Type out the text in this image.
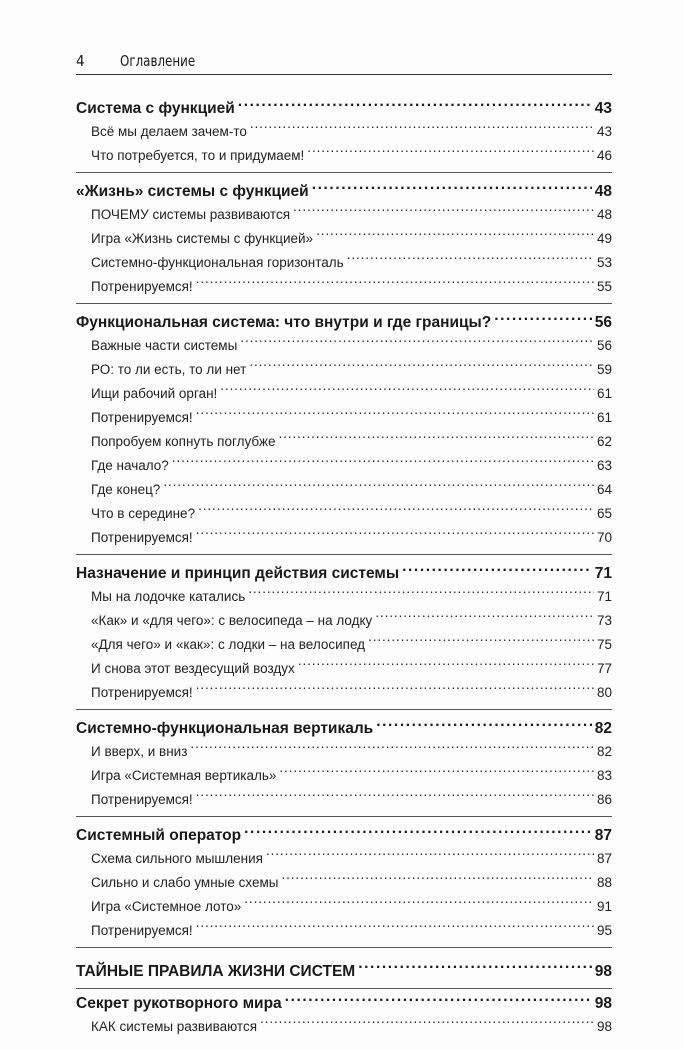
4 Оглавление
Система с функцией .....	43
Всё мы делаем зачем-то .....	43
Что потребуется, то и придумаем! .....	46
«Жизнь» системы с функцией .....	48
ПОЧЕМУ системы развиваются .....	48
Игра «Жизнь системы с функцией» .....	49
Системно-функциональная горизонталь .....	53
Потренируемся! .....	55
Функциональная система: что внутри и где границы? .....	56
Важные части системы .....	56
РО: то ли есть, то ли нет .....	59
Ищи рабочий орган! .....	61
Потренируемся! .....	61
Попробуем копнуть поглубже .....	62
Где начало? .....	63
Где конец? .....	64
Что в середине? .....	65
Потренируемся! .....	70
Назначение и принцип действия системы .....	71
Мы на лодочке катались .....	71
«Как» и «для чего»: с велосипеда – на лодку .....	73
«Для чего» и «как»: с лодки – на велосипед .....	75
И снова этот вездесущий воздух .....	77
Потренируемся! .....	80
Системно-функциональная вертикаль .....	82
И вверх, и вниз .....	82
Игра «Системная вертикаль» .....	83
Потренируемся! .....	86
Системный оператор .....	87
Схема сильного мышления .....	87
Сильно и слабо умные схемы .....	88
Игра «Системное лото» .....	91
Потренируемся! .....	95
ТАЙНЫЕ ПРАВИЛА ЖИЗНИ СИСТЕМ .....	98
Секрет рукотворного мира .....	98
КАК системы развиваются .....	98
